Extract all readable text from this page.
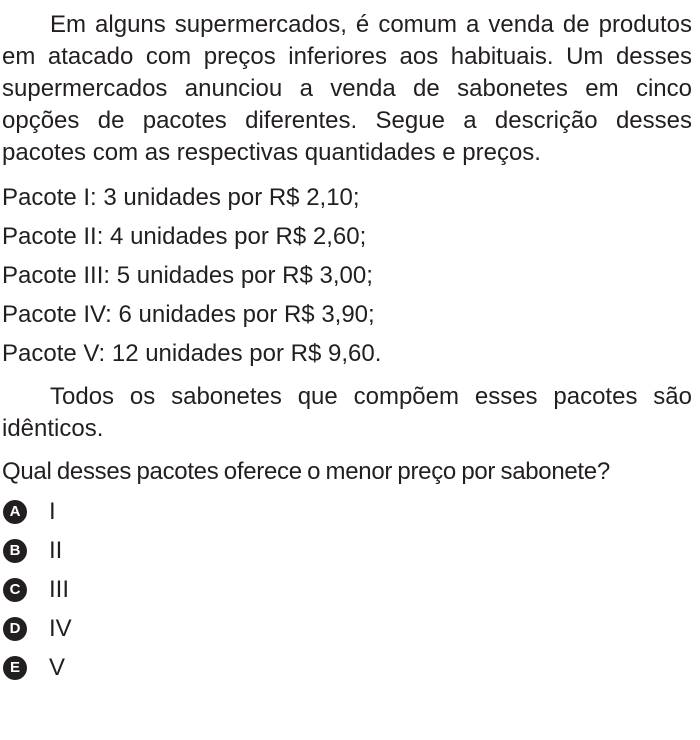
Em alguns supermercados, é comum a venda de produtos em atacado com preços inferiores aos habituais. Um desses supermercados anunciou a venda de sabonetes em cinco opções de pacotes diferentes. Segue a descrição desses pacotes com as respectivas quantidades e preços.

Pacote I: 3 unidades por R$ 2,10;

Pacote II: 4 unidades por R$ 2,60;

Pacote III: 5 unidades por R$ 3,00;

Pacote IV: 6 unidades por R$ 3,90;

Pacote V: 12 unidades por R$ 9,60.

Todos os sabonetes que compõem esses pacotes são idênticos.

Qual desses pacotes oferece o menor preço por sabonete?

A I
B II
C III
D IV
E V
